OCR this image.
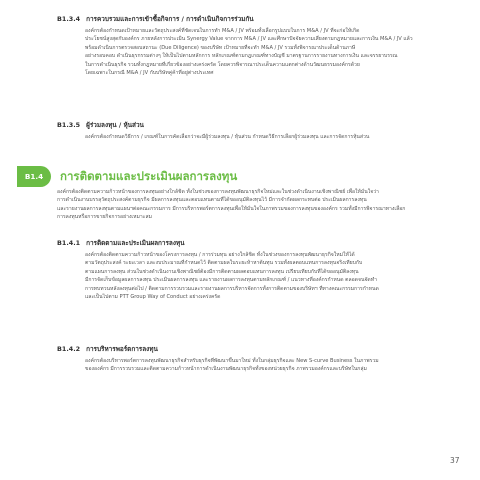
B1.3.4 การควบรวมและการเข้าซื้อกิจการ / การดำเนินกิจการร่วมกัน
องค์กรต้องกำหนดเป้าหมายและวัตถุประสงค์ที่ชัดเจนในการทำ M&A / JV พร้อมทั้งเลือกรูปแบบในการ M&A / JV ที่จะก่อให้เกิด
ประโยชน์สูงสุดกับองค์กร ภายหลังการประเมิน Synergy Value จากการ M&A / JV และศึกษาปัจจัยความเสี่ยงตามกฎหมายและการเงิน M&A / JV แล้ว
พร้อมดำเนินการตรวจสอบสถานะ (Due Diligence) ของบริษัท เป้าหมายที่จะทำ M&A / JV รวมทั้งพิจารณาประเด็นด้านภาษี
อย่างรอบคอบ ดำเนินธุรกรรมต่างๆ ให้เป็นไปตามหลักการ หลักเกณฑ์ตามกฎเกณฑ์ทางบัญชี มาตรฐานการรายงานทางการเงิน และจรรยาบรรณ
ในการดำเนินธุรกิจ รวมทั้งกฎหมายที่เกี่ยวข้องอย่างเคร่งครัด โดยควรพิจารณาประเด็นความแตกต่างด้านวัฒนธรรมองค์กรด้วย
โดยเฉพาะในกรณี M&A / JV กับบริษัทคู่ค้าที่อยู่ต่างประเทศ
B1.3.5 ผู้ร่วมลงทุน / หุ้นส่วน
องค์กรต้องกำหนดวิธีการ / เกณฑ์ในการคัดเลือกว่าจะมีผู้ร่วมลงทุน / หุ้นส่วน กำหนดวิธีการเลือกผู้ร่วมลงทุน และการจัดการหุ้นส่วน
B1.4	การติดตามและประเมินผลการลงทุน
องค์กรต้องติดตามความก้าวหน้าของการลงทุนอย่างใกล้ชิด ทั้งในช่วงของการลงทุนพัฒนาธุรกิจใหม่และในช่วงดำเนินงานเชิงพาณิชย์ เพื่อให้มั่นใจว่า
การดำเนินงานบรรลุวัตถุประสงค์ตามธุรกิจ มีผลการลงทุนและตอบแทนตามที่ได้ขออนุมัติลงทุนไว้ มีการจำกัดผลกระทบต่อ ประเมินผลการลงทุน
และรายงานผลการลงทุนตามแผนฯต่อคณะกรรมการ มีการบริหารพอร์ตการลงทุนเพื่อให้มั่นใจในภาพรวมของการลงทุนขององค์กร รวมทั้งมีการพิจารณาทางเลือก
การลงทุนหรือการขายกิจการอย่างเหมาะสม
B1.4.1 การติดตามและประเมินผลการลงทุน
องค์กรต้องติดตามความก้าวหน้าของโครงการลงทุน / การร่วมทุน อย่างใกล้ชิด ทั้งในช่วงของการลงทุนพัฒนาธุรกิจใหม่ให้ได้
ตามวัตถุประสงค์ ระยะเวลา และงบประมาณที่กำหนดไว้ ติดตามผลในระยะห้าหาต้นทุน รวมทั้งผลตอบแทนการลงทุนจริงเทียบกับ
ตามแผนการลงทุน ส่วนในช่วงดำเนินงานเชิงพาณิชย์ต้องมีการติดตามผลตอบแทนการลงทุน เปรียบเทียบกับที่ได้ขออนุมัติลงทุน
มีการจัดเก็บข้อมูลผลการลงทุน ประเมินผลการลงทุน และรายงานผลการลงทุนตามหลักเกณฑ์ / แนวทางที่องค์กรกำหนด ตลอดจนจัดทำ
การทบทวนหลังลงทุนต่อไป / ติดตามการรวบรวมและรายงานผลการบริหารจัดการทั้งการติดตามของบริษัทฯ ที่ทางคณะกรรมการกำหนด
และเป็นไปตาม PTT Group Way of Conduct อย่างเคร่งครัด
B1.4.2 การบริหารพอร์ตการลงทุน
องค์กรต้องบริหารพอร์ตการลงทุนพัฒนาธุรกิจสำหรับธุรกิจที่พัฒนาขึ้นมาใหม่ ทั้งในกลุ่มธุรกิจและ New S-curve Business ในภาพรวม
ขององค์กร มีการรวบรวมและติดตามความก้าวหน้าการดำเนินงานพัฒนาธุรกิจทั้งของหน่วยธุรกิจ ภาพรวมองค์กรและบริษัทในกลุ่ม
37
